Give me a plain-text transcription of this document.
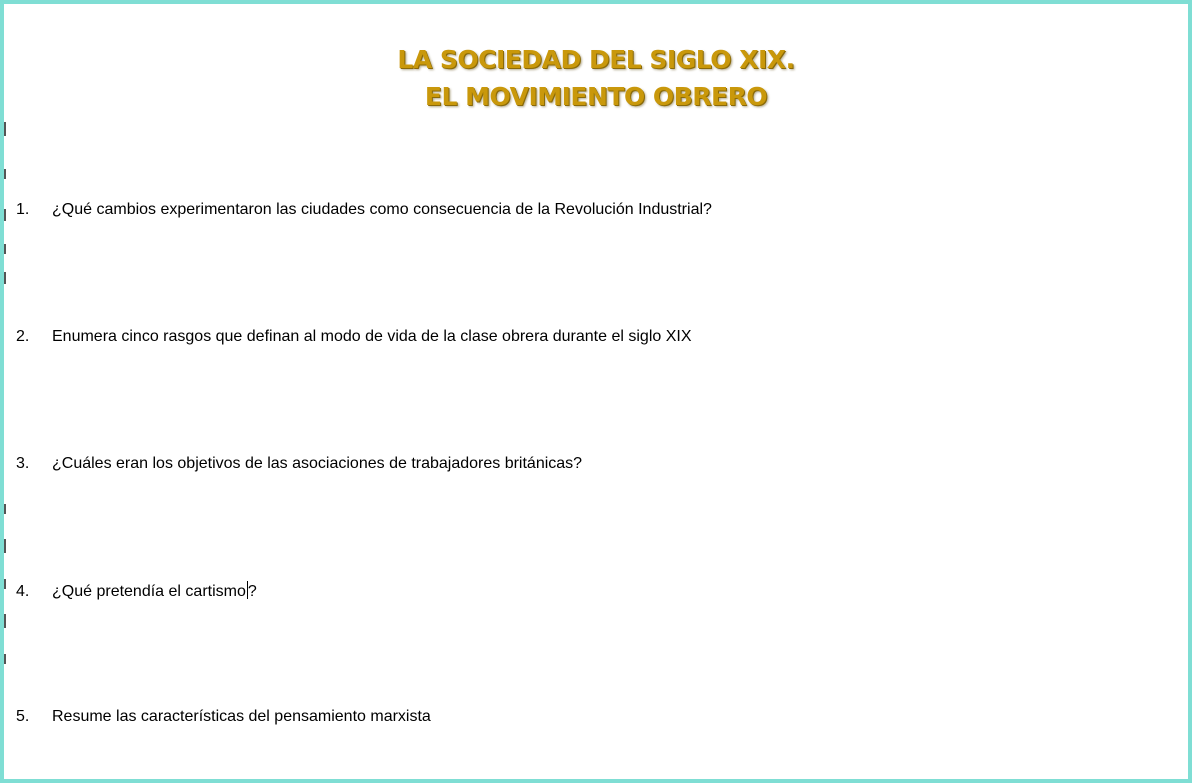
LA SOCIEDAD DEL SIGLO XIX.
EL MOVIMIENTO OBRERO
1. ¿Qué cambios experimentaron las ciudades como consecuencia de la Revolución Industrial?
2. Enumera cinco rasgos que definan al modo de vida de la clase obrera durante el siglo XIX
3. ¿Cuáles eran los objetivos de las asociaciones de trabajadores británicas?
4. ¿Qué pretendía el cartismo ?
5. Resume las características del pensamiento marxista
